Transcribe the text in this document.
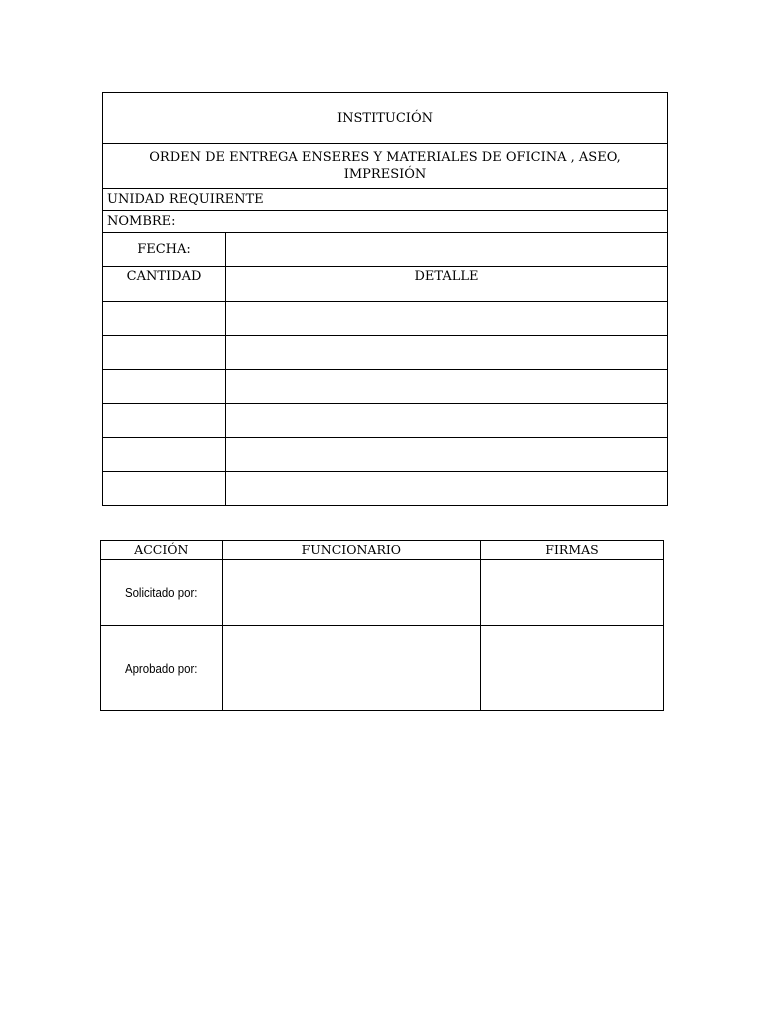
INSTITUCIÓN	
ORDEN DE ENTREGA ENSERES Y MATERIALES DE OFICINA , ASEO, IMPRESIÓN	
UNIDAD REQUIRENTE	
NOMBRE:	
FECHA:	
CANTIDAD	DETALLE

ACCIÓN	FUNCIONARIO	FIRMAS
Solicitado por:		
Aprobado por:		
